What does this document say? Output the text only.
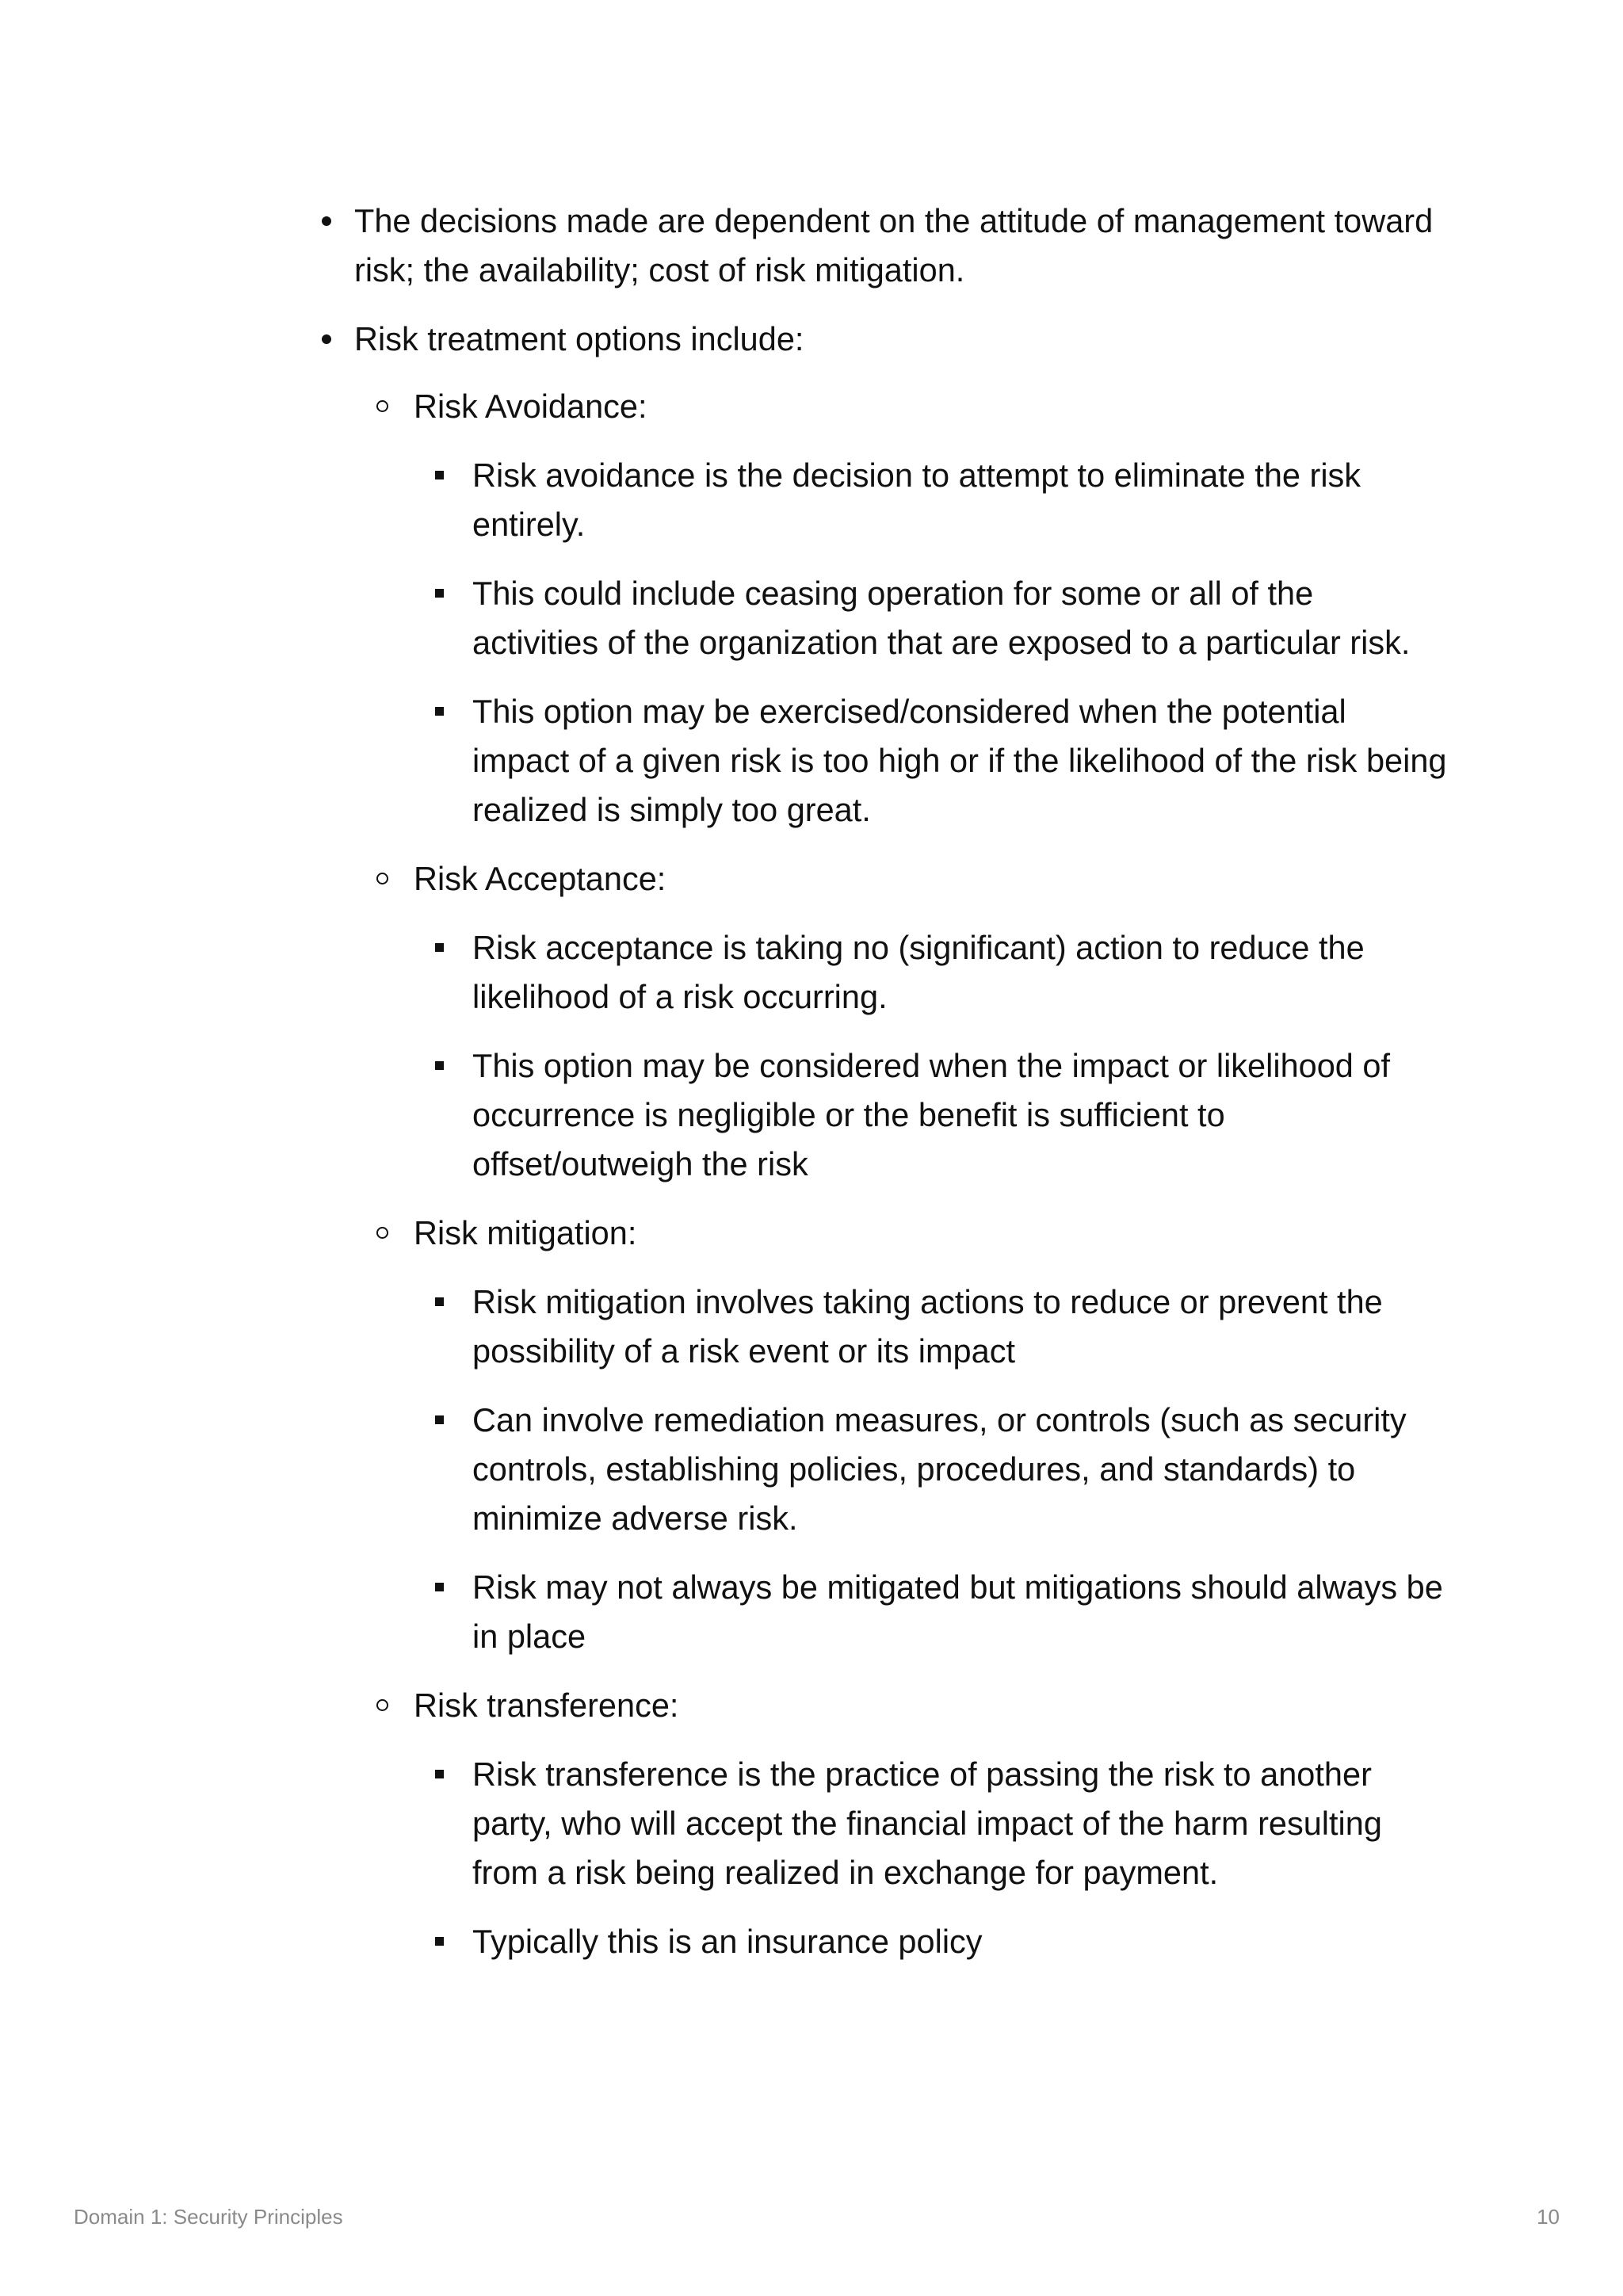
The decisions made are dependent on the attitude of management toward risk; the availability; cost of risk mitigation.
Risk treatment options include:
Risk Avoidance:
Risk avoidance is the decision to attempt to eliminate the risk entirely.
This could include ceasing operation for some or all of the activities of the organization that are exposed to a particular risk.
This option may be exercised/considered when the potential impact of a given risk is too high or if the likelihood of the risk being realized is simply too great.
Risk Acceptance:
Risk acceptance is taking no (significant) action to reduce the likelihood of a risk occurring.
This option may be considered when the impact or likelihood of occurrence is negligible or the benefit is sufficient to offset/outweigh the risk
Risk mitigation:
Risk mitigation involves taking actions to reduce or prevent the possibility of a risk event or its impact
Can involve remediation measures, or controls (such as security controls, establishing policies, procedures, and standards) to minimize adverse risk.
Risk may not always be mitigated but mitigations should always be in place
Risk transference:
Risk transference is the practice of passing the risk to another party, who will accept the financial impact of the harm resulting from a risk being realized in exchange for payment.
Typically this is an insurance policy
Domain 1: Security Principles	10
